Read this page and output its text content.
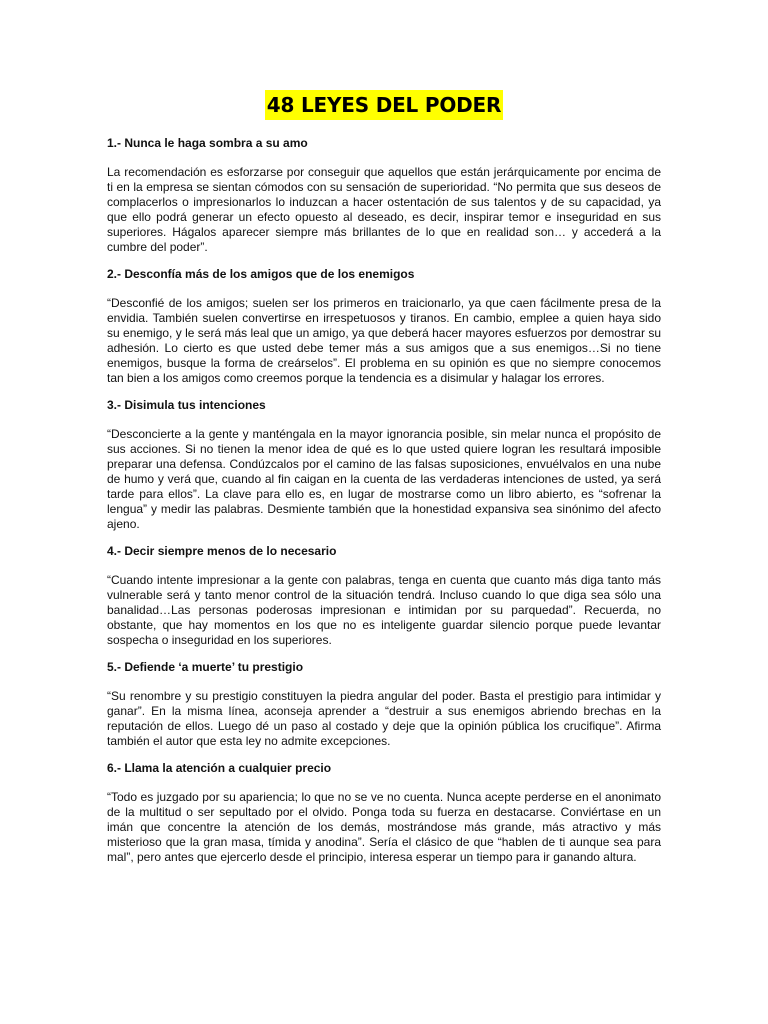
48 LEYES DEL PODER

1.- Nunca le haga sombra a su amo

La recomendación es esforzarse por conseguir que aquellos que están jerárquicamente por encima de ti en la empresa se sientan cómodos con su sensación de superioridad. “No permita que sus deseos de complacerlos o impresionarlos lo induzcan a hacer ostentación de sus talentos y de su capacidad, ya que ello podrá generar un efecto opuesto al deseado, es decir, inspirar temor e inseguridad en sus superiores. Hágalos aparecer siempre más brillantes de lo que en realidad son… y accederá a la cumbre del poder”.

2.- Desconfía más de los amigos que de los enemigos

“Desconfié de los amigos; suelen ser los primeros en traicionarlo, ya que caen fácilmente presa de la envidia. También suelen convertirse en irrespetuosos y tiranos. En cambio, emplee a quien haya sido su enemigo, y le será más leal que un amigo, ya que deberá hacer mayores esfuerzos por demostrar su adhesión. Lo cierto es que usted debe temer más a sus amigos que a sus enemigos…Si no tiene enemigos, busque la forma de creárselos”. El problema en su opinión es que no siempre conocemos tan bien a los amigos como creemos porque la tendencia es a disimular y halagar los errores.

3.- Disimula tus intenciones

“Desconcierte a la gente y manténgala en la mayor ignorancia posible, sin melar nunca el propósito de sus acciones. Si no tienen la menor idea de qué es lo que usted quiere logran les resultará imposible preparar una defensa. Condúzcalos por el camino de las falsas suposiciones, envuélvalos en una nube de humo y verá que, cuando al fin caigan en la cuenta de las verdaderas intenciones de usted, ya será tarde para ellos”. La clave para ello es, en lugar de mostrarse como un libro abierto, es “sofrenar la lengua” y medir las palabras. Desmiente también que la honestidad expansiva sea sinónimo del afecto ajeno.

4.- Decir siempre menos de lo necesario

“Cuando intente impresionar a la gente con palabras, tenga en cuenta que cuanto más diga tanto más vulnerable será y tanto menor control de la situación tendrá. Incluso cuando lo que diga sea sólo una banalidad…Las personas poderosas impresionan e intimidan por su parquedad”. Recuerda, no obstante, que hay momentos en los que no es inteligente guardar silencio porque puede levantar sospecha o inseguridad en los superiores.

5.- Defiende ‘a muerte’ tu prestigio

“Su renombre y su prestigio constituyen la piedra angular del poder. Basta el prestigio para intimidar y ganar”. En la misma línea, aconseja aprender a “destruir a sus enemigos abriendo brechas en la reputación de ellos. Luego dé un paso al costado y deje que la opinión pública los crucifique”. Afirma también el autor que esta ley no admite excepciones.

6.- Llama la atención a cualquier precio

“Todo es juzgado por su apariencia; lo que no se ve no cuenta. Nunca acepte perderse en el anonimato de la multitud o ser sepultado por el olvido. Ponga toda su fuerza en destacarse. Conviértase en un imán que concentre la atención de los demás, mostrándose más grande, más atractivo y más misterioso que la gran masa, tímida y anodina”. Sería el clásico de que “hablen de ti aunque sea para mal”, pero antes que ejercerlo desde el principio, interesa esperar un tiempo para ir ganando altura.
